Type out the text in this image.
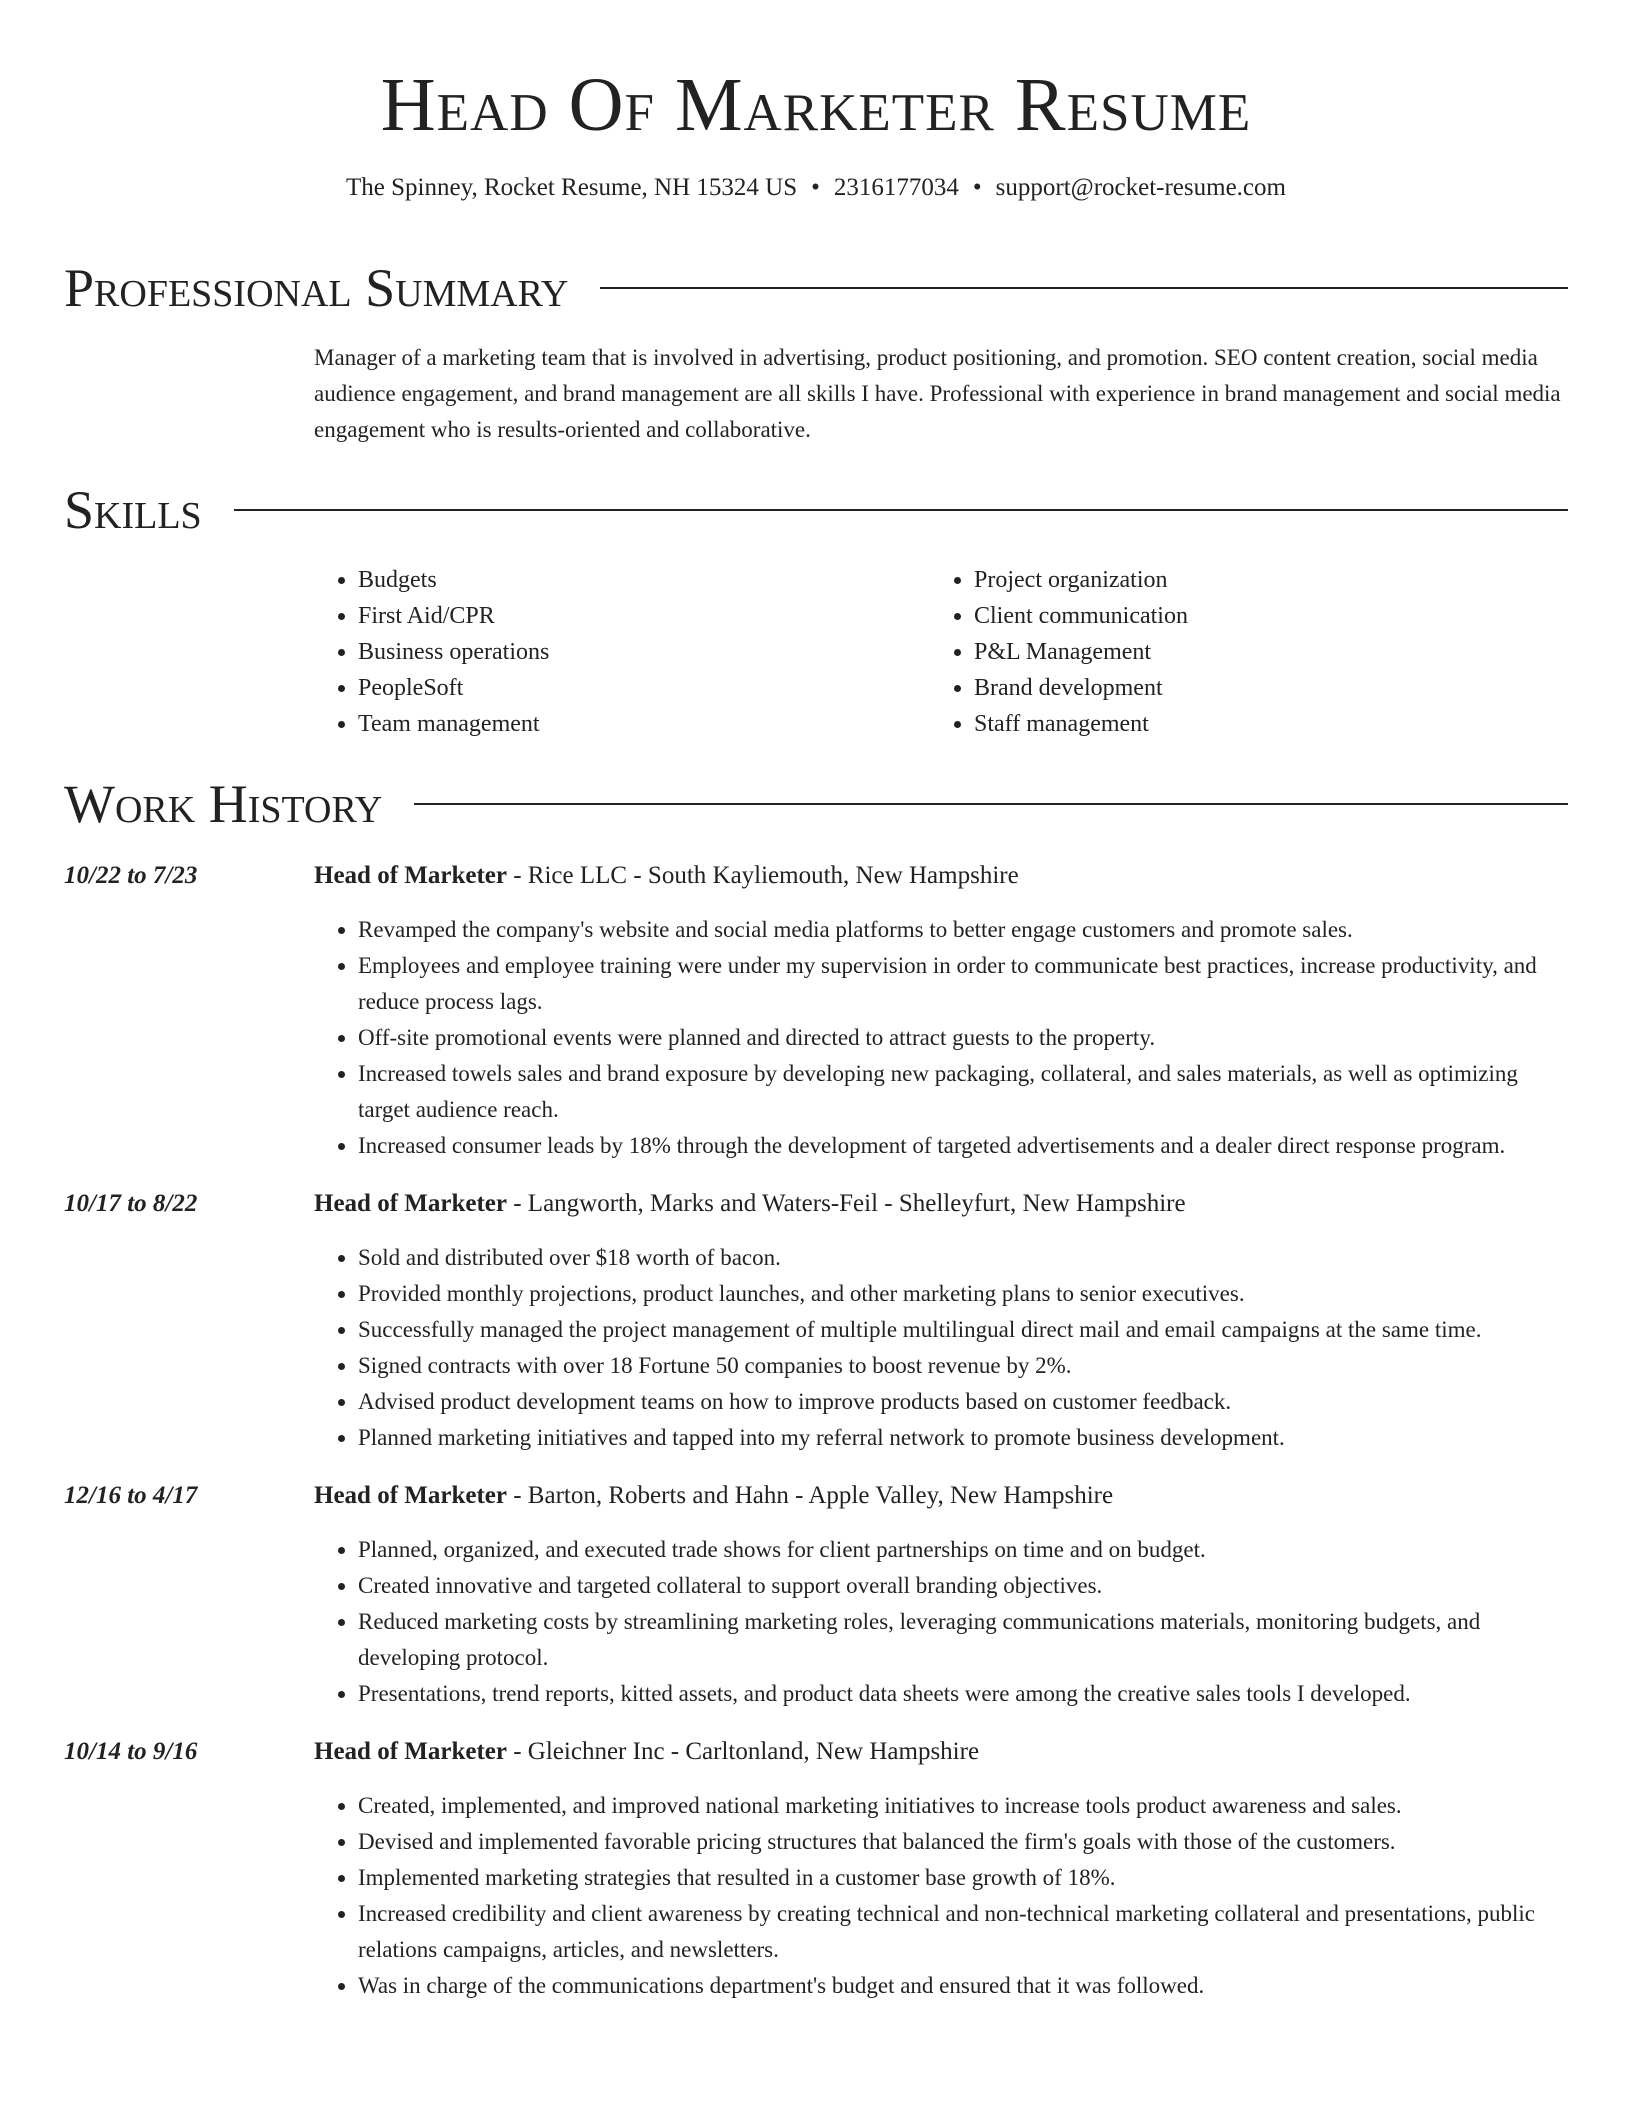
Head Of Marketer Resume
The Spinney, Rocket Resume, NH 15324 US • 2316177034 • support@rocket-resume.com
Professional Summary

Manager of a marketing team that is involved in advertising, product positioning, and promotion. SEO content creation, social media audience engagement, and brand management are all skills I have. Professional with experience in brand management and social media engagement who is results-oriented and collaborative.

Skills
• Budgets
• First Aid/CPR
• Business operations
• PeopleSoft
• Team management
• Project organization
• Client communication
• P&L Management
• Brand development
• Staff management
Work History
10/22 to 7/23	Head of Marketer - Rice LLC - South Kayliemouth, New Hampshire
• Revamped the company's website and social media platforms to better engage customers and promote sales.
• Employees and employee training were under my supervision in order to communicate best practices, increase productivity, and reduce process lags.
• Off-site promotional events were planned and directed to attract guests to the property.
• Increased towels sales and brand exposure by developing new packaging, collateral, and sales materials, as well as optimizing target audience reach.
• Increased consumer leads by 18% through the development of targeted advertisements and a dealer direct response program.
10/17 to 8/22	Head of Marketer - Langworth, Marks and Waters-Feil - Shelleyfurt, New Hampshire
• Sold and distributed over $18 worth of bacon.
• Provided monthly projections, product launches, and other marketing plans to senior executives.
• Successfully managed the project management of multiple multilingual direct mail and email campaigns at the same time.
• Signed contracts with over 18 Fortune 50 companies to boost revenue by 2%.
• Advised product development teams on how to improve products based on customer feedback.
• Planned marketing initiatives and tapped into my referral network to promote business development.
12/16 to 4/17	Head of Marketer - Barton, Roberts and Hahn - Apple Valley, New Hampshire
• Planned, organized, and executed trade shows for client partnerships on time and on budget.
• Created innovative and targeted collateral to support overall branding objectives.
• Reduced marketing costs by streamlining marketing roles, leveraging communications materials, monitoring budgets, and developing protocol.
• Presentations, trend reports, kitted assets, and product data sheets were among the creative sales tools I developed.
10/14 to 9/16	Head of Marketer - Gleichner Inc - Carltonland, New Hampshire
• Created, implemented, and improved national marketing initiatives to increase tools product awareness and sales.
• Devised and implemented favorable pricing structures that balanced the firm's goals with those of the customers.
• Implemented marketing strategies that resulted in a customer base growth of 18%.
• Increased credibility and client awareness by creating technical and non-technical marketing collateral and presentations, public relations campaigns, articles, and newsletters.
• Was in charge of the communications department's budget and ensured that it was followed.
